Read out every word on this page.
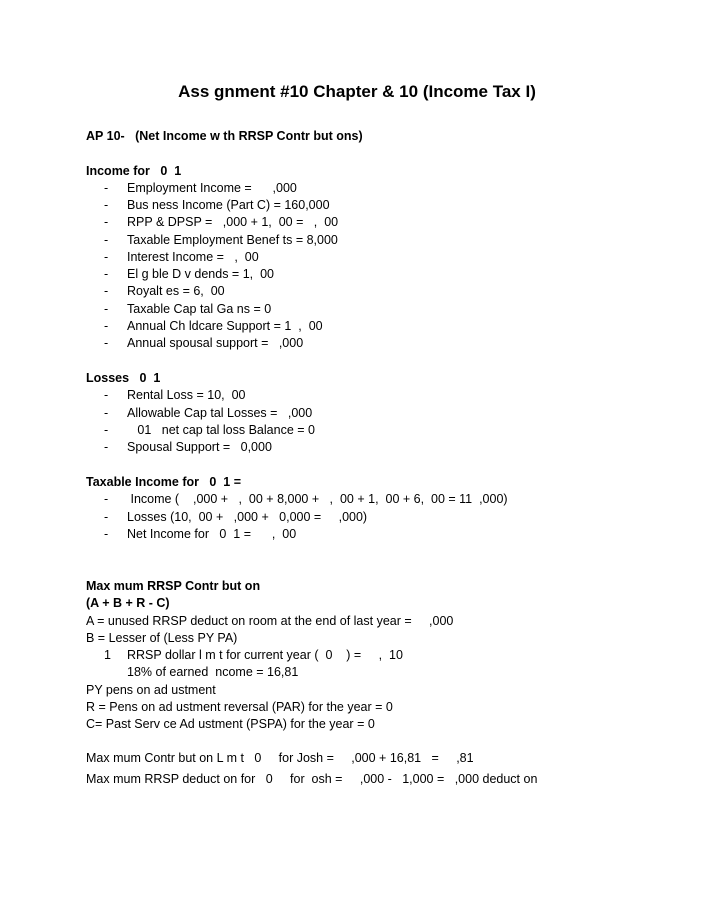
Ass gnment #10 Chapter & 10 (Income Tax I)
AP 10-   (Net Income w th RRSP Contr but ons)
Income for   0  1
- Employment Income =      ,000
- Bus ness Income (Part C) = 160,000
- RPP & DPSP =   ,000 + 1,  00 =   ,  00
- Taxable Employment Benef ts = 8,000
- Interest Income =   ,  00
- El g ble D v dends = 1,  00
- Royalt es = 6,  00
- Taxable Cap tal Ga ns = 0
- Annual Ch ldcare Support = 1  ,  00
- Annual spousal support =   ,000
Losses   0  1
- Rental Loss = 10,  00
- Allowable Cap tal Losses =   ,000
-   01   net cap tal loss Balance = 0
- Spousal Support =   0,000
Taxable Income for   0  1 =
- Income (    ,000 +   ,  00 + 8,000 +   ,  00 + 1,  00 + 6,  00 = 11  ,000)
- Losses (10,  00 +   ,000 +   0,000 =     ,000)
- Net Income for   0  1 =      ,  00
Max mum RRSP Contr but on
(A + B + R - C)
A = unused RRSP deduct on room at the end of last year =     ,000
B = Lesser of (Less PY PA)
1 RRSP dollar l m t for current year (  0    ) =     ,  10
18% of earned  ncome = 16,81
PY pens on ad ustment
R = Pens on ad ustment reversal (PAR) for the year = 0
C= Past Serv ce Ad ustment (PSPA) for the year = 0
Max mum Contr but on L m t   0     for Josh =     ,000 + 16,81   =     ,81
Max mum RRSP deduct on for   0     for  osh =     ,000 -   1,000 =   ,000 deduct on
